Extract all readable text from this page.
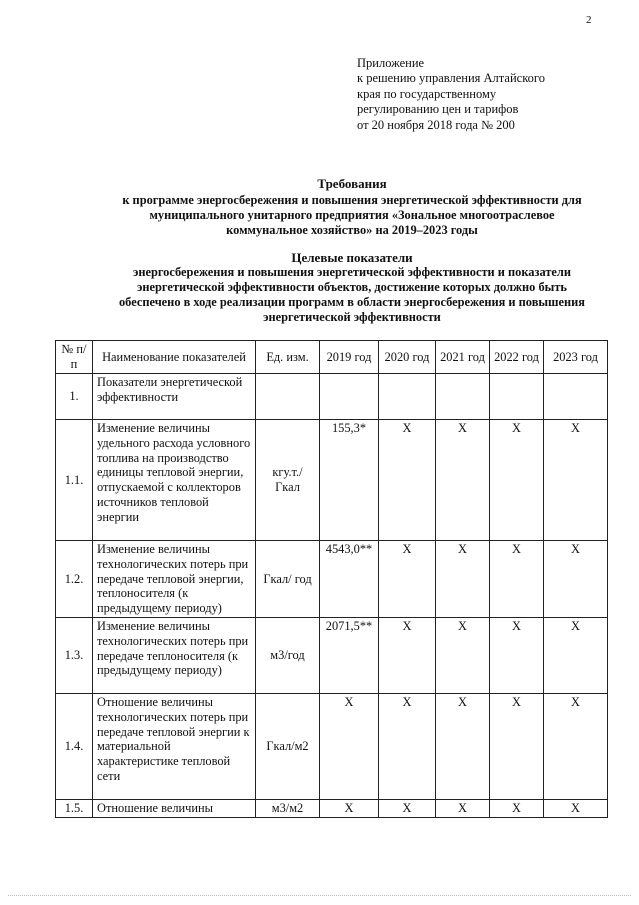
2
Приложение
к решению управления Алтайского
края по государственному
регулированию цен и тарифов
от 20 ноября 2018 года № 200
Требования
к программе энергосбережения и повышения энергетической эффективности для
муниципального унитарного предприятия «Зональное многоотраслевое
коммунальное хозяйство» на 2019–2023 годы
Целевые показатели
энергосбережения и повышения энергетической эффективности и показатели
энергетической эффективности объектов, достижение которых должно быть
обеспечено в ходе реализации программ в области энергосбережения и повышения
энергетической эффективности
№ п/п	Наименование показателей	Ед. изм.	2019 год	2020 год	2021 год	2022 год	2023 год
1.	Показатели энергетической эффективности						
1.1.	Изменение величины удельного расхода условного топлива на производство единицы тепловой энергии, отпускаемой с коллекторов источников тепловой энергии	кгу.т./ Гкал	155,3*	X	X	X	X
1.2.	Изменение величины технологических потерь при передаче тепловой энергии, теплоносителя (к предыдущему периоду)	Гкал/ год	4543,0**	X	X	X	X
1.3.	Изменение величины технологических потерь при передаче теплоносителя (к предыдущему периоду)	м3/год	2071,5**	X	X	X	X
1.4.	Отношение величины технологических потерь при передаче тепловой энергии к материальной характеристике тепловой сети	Гкал/м2	X	X	X	X	X
1.5.	Отношение величины	м3/м2	X	X	X	X	X
